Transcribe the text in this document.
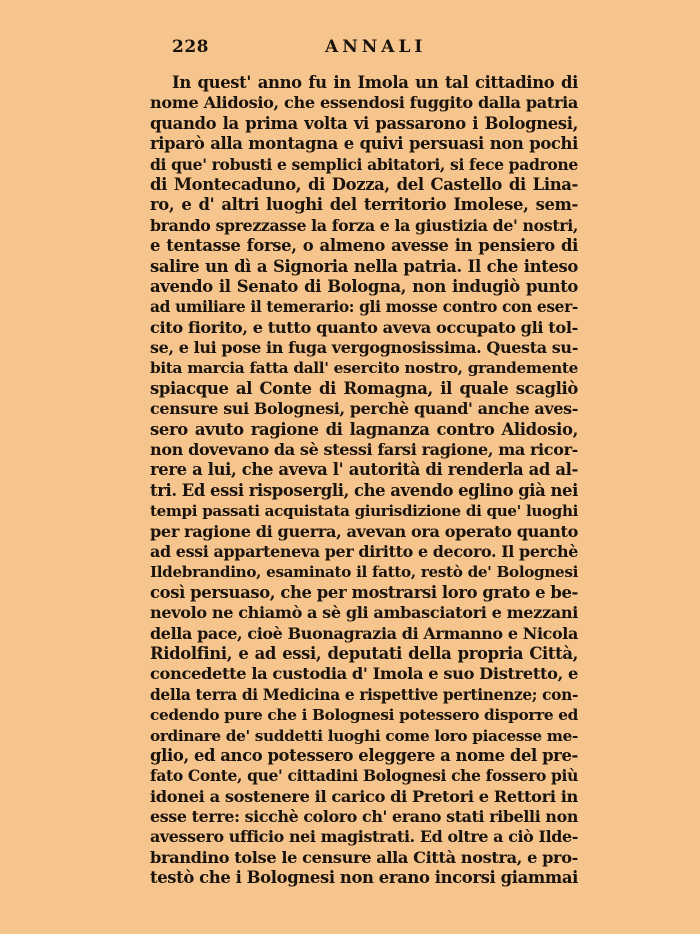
228	ANNALI
In quest' anno fu in Imola un tal cittadino di
nome Alidosio, che essendosi fuggito dalla patria
quando la prima volta vi passarono i Bolognesi,
riparò alla montagna e quivi persuasi non pochi
di que' robusti e semplici abitatori, si fece padrone
di Montecaduno, di Dozza, del Castello di Lina-
ro, e d' altri luoghi del territorio Imolese, sem-
brando sprezzasse la forza e la giustizia de' nostri,
e tentasse forse, o almeno avesse in pensiero di
salire un dì a Signoria nella patria. Il che inteso
avendo il Senato di Bologna, non indugiò punto
ad umiliare il temerario: gli mosse contro con eser-
cito fiorito, e tutto quanto aveva occupato gli tol-
se, e lui pose in fuga vergognosissima. Questa su-
bita marcia fatta dall' esercito nostro, grandemente
spiacque al Conte di Romagna, il quale scagliò
censure sui Bolognesi, perchè quand' anche aves-
sero avuto ragione di lagnanza contro Alidosio,
non dovevano da sè stessi farsi ragione, ma ricor-
rere a lui, che aveva l' autorità di renderla ad al-
tri. Ed essi risposergli, che avendo eglino già nei
tempi passati acquistata giurisdizione di que' luoghi
per ragione di guerra, avevan ora operato quanto
ad essi apparteneva per diritto e decoro. Il perchè
Ildebrandino, esaminato il fatto, restò de' Bolognesi
così persuaso, che per mostrarsi loro grato e be-
nevolo ne chiamò a sè gli ambasciatori e mezzani
della pace, cioè Buonagrazia di Armanno e Nicola
Ridolfini, e ad essi, deputati della propria Città,
concedette la custodia d' Imola e suo Distretto, e
della terra di Medicina e rispettive pertinenze; con-
cedendo pure che i Bolognesi potessero disporre ed
ordinare de' suddetti luoghi come loro piacesse me-
glio, ed anco potessero eleggere a nome del pre-
fato Conte, que' cittadini Bolognesi che fossero più
idonei a sostenere il carico di Pretori e Rettori in
esse terre: sicchè coloro ch' erano stati ribelli non
avessero ufficio nei magistrati. Ed oltre a ciò Ilde-
brandino tolse le censure alla Città nostra, e pro-
testò che i Bolognesi non erano incorsi giammai
